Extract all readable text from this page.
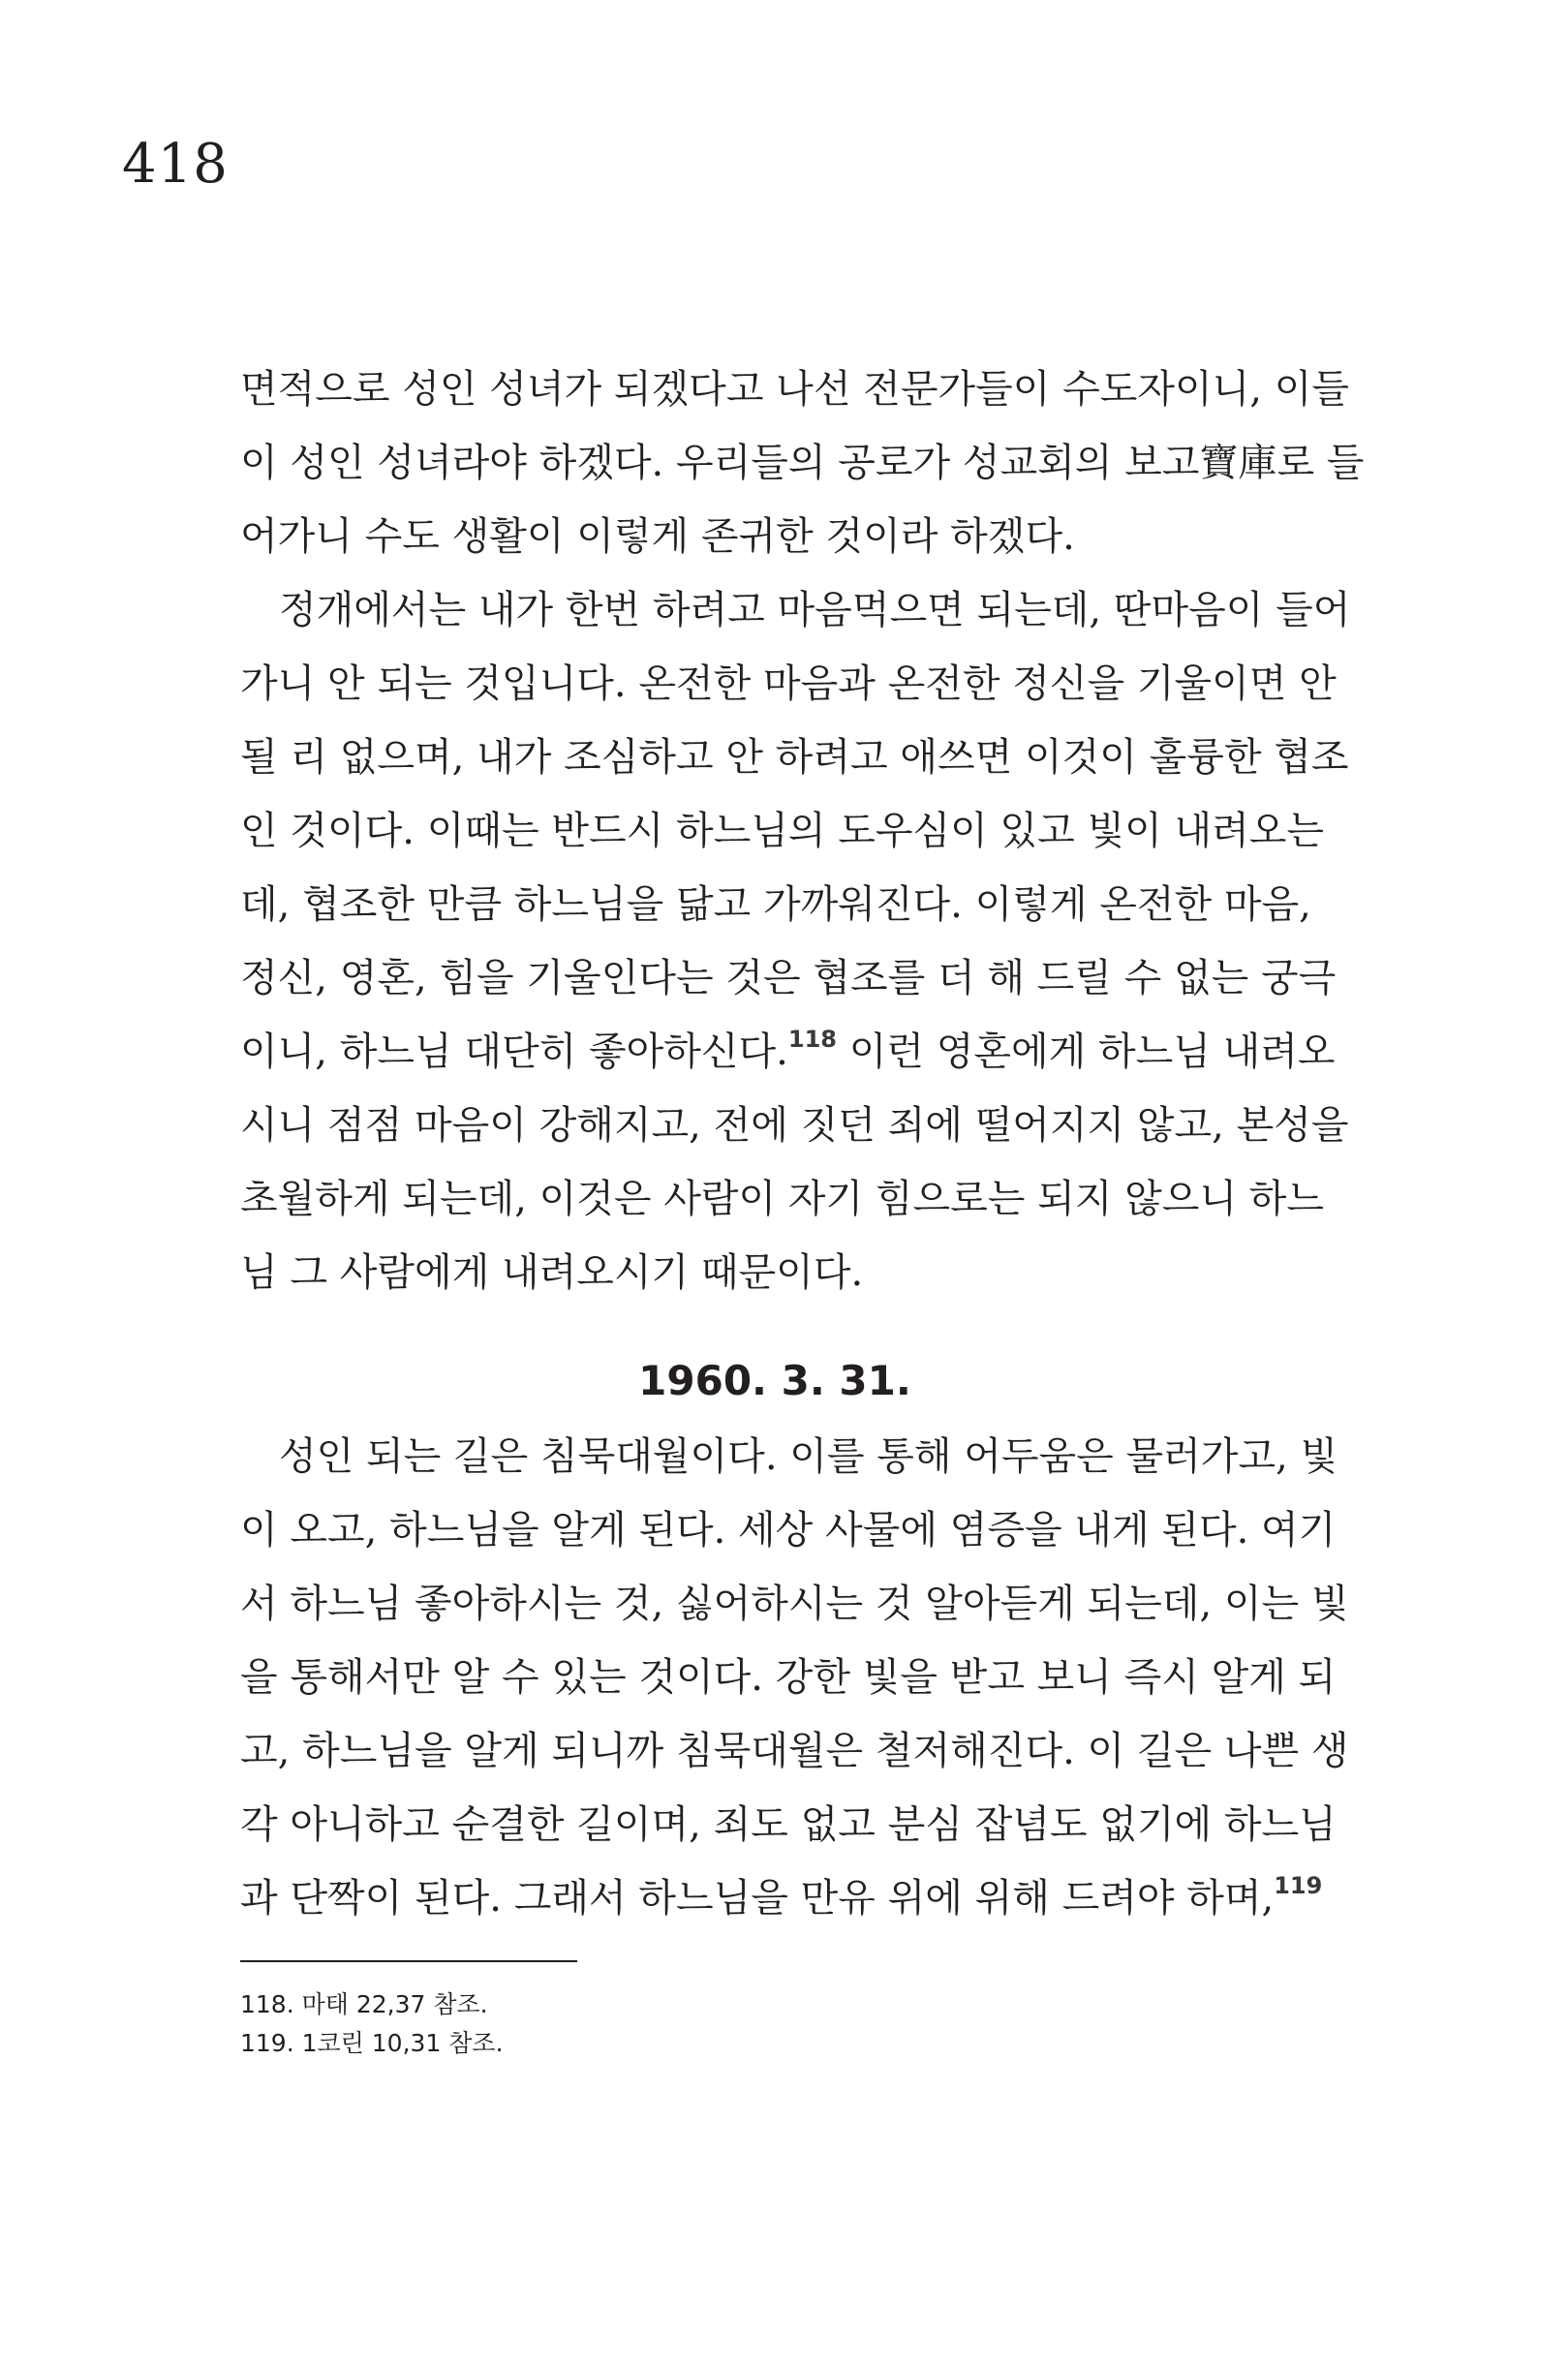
418
면적으로 성인 성녀가 되겠다고 나선 전문가들이 수도자이니, 이들
이 성인 성녀라야 하겠다. 우리들의 공로가 성교회의 보고寶庫로 들
어가니 수도 생활이 이렇게 존귀한 것이라 하겠다.
정개에서는 내가 한번 하려고 마음먹으면 되는데, 딴마음이 들어
가니 안 되는 것입니다. 온전한 마음과 온전한 정신을 기울이면 안
될 리 없으며, 내가 조심하고 안 하려고 애쓰면 이것이 훌륭한 협조
인 것이다. 이때는 반드시 하느님의 도우심이 있고 빛이 내려오는
데, 협조한 만큼 하느님을 닮고 가까워진다. 이렇게 온전한 마음,
정신, 영혼, 힘을 기울인다는 것은 협조를 더 해 드릴 수 없는 궁극
이니, 하느님 대단히 좋아하신다.$^{118}$ 이런 영혼에게 하느님 내려오
시니 점점 마음이 강해지고, 전에 짓던 죄에 떨어지지 않고, 본성을
초월하게 되는데, 이것은 사람이 자기 힘으로는 되지 않으니 하느
님 그 사람에게 내려오시기 때문이다.
1960. 3. 31.
성인 되는 길은 침묵대월이다. 이를 통해 어두움은 물러가고, 빛
이 오고, 하느님을 알게 된다. 세상 사물에 염증을 내게 된다. 여기
서 하느님 좋아하시는 것, 싫어하시는 것 알아듣게 되는데, 이는 빛
을 통해서만 알 수 있는 것이다. 강한 빛을 받고 보니 즉시 알게 되
고, 하느님을 알게 되니까 침묵대월은 철저해진다. 이 길은 나쁜 생
각 아니하고 순결한 길이며, 죄도 없고 분심 잡념도 없기에 하느님
과 단짝이 된다. 그래서 하느님을 만유 위에 위해 드려야 하며,$^{119}$
118. 마태 22,37 참조.
119. 1코린 10,31 참조.
